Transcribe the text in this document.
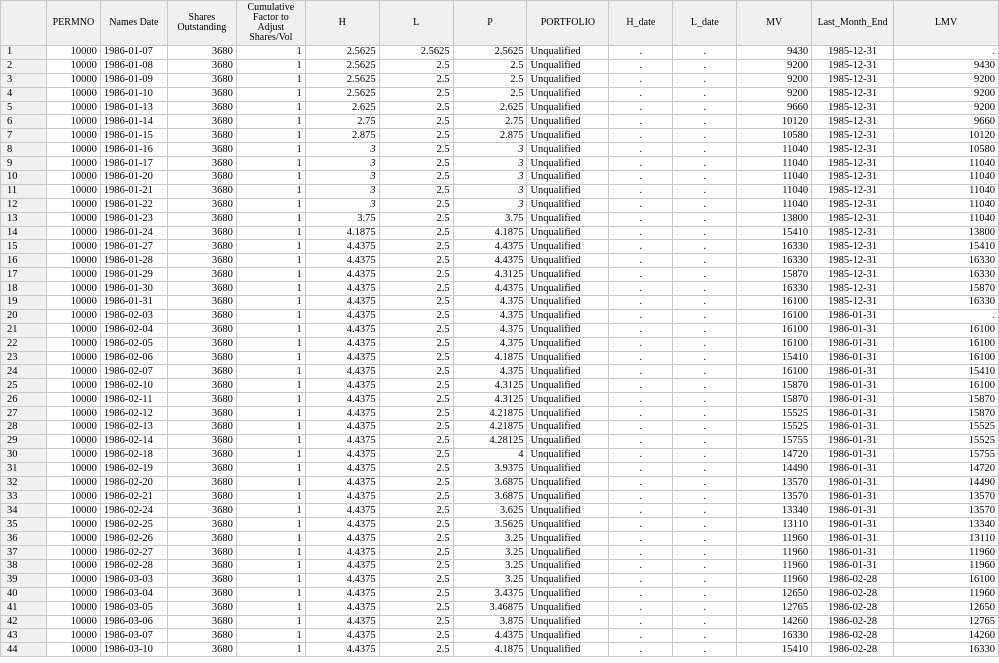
	PERMNO	Names Date	Shares Outstanding	Cumulative Factor to Adjust Shares/Vol	H	L	P	PORTFOLIO	H_date	L_date	MV	Last_Month_End	LMV
1	10000	1986-01-07	3680	1	2.5625	2.5625	2.5625	Unqualified	.	.	9430	1985-12-31	.
2	10000	1986-01-08	3680	1	2.5625	2.5	2.5	Unqualified	.	.	9200	1985-12-31	9430
3	10000	1986-01-09	3680	1	2.5625	2.5	2.5	Unqualified	.	.	9200	1985-12-31	9200
4	10000	1986-01-10	3680	1	2.5625	2.5	2.5	Unqualified	.	.	9200	1985-12-31	9200
5	10000	1986-01-13	3680	1	2.625	2.5	2.625	Unqualified	.	.	9660	1985-12-31	9200
6	10000	1986-01-14	3680	1	2.75	2.5	2.75	Unqualified	.	.	10120	1985-12-31	9660
7	10000	1986-01-15	3680	1	2.875	2.5	2.875	Unqualified	.	.	10580	1985-12-31	10120
8	10000	1986-01-16	3680	1	3	2.5	3	Unqualified	.	.	11040	1985-12-31	10580
9	10000	1986-01-17	3680	1	3	2.5	3	Unqualified	.	.	11040	1985-12-31	11040
10	10000	1986-01-20	3680	1	3	2.5	3	Unqualified	.	.	11040	1985-12-31	11040
11	10000	1986-01-21	3680	1	3	2.5	3	Unqualified	.	.	11040	1985-12-31	11040
12	10000	1986-01-22	3680	1	3	2.5	3	Unqualified	.	.	11040	1985-12-31	11040
13	10000	1986-01-23	3680	1	3.75	2.5	3.75	Unqualified	.	.	13800	1985-12-31	11040
14	10000	1986-01-24	3680	1	4.1875	2.5	4.1875	Unqualified	.	.	15410	1985-12-31	13800
15	10000	1986-01-27	3680	1	4.4375	2.5	4.4375	Unqualified	.	.	16330	1985-12-31	15410
16	10000	1986-01-28	3680	1	4.4375	2.5	4.4375	Unqualified	.	.	16330	1985-12-31	16330
17	10000	1986-01-29	3680	1	4.4375	2.5	4.3125	Unqualified	.	.	15870	1985-12-31	16330
18	10000	1986-01-30	3680	1	4.4375	2.5	4.4375	Unqualified	.	.	16330	1985-12-31	15870
19	10000	1986-01-31	3680	1	4.4375	2.5	4.375	Unqualified	.	.	16100	1985-12-31	16330
20	10000	1986-02-03	3680	1	4.4375	2.5	4.375	Unqualified	.	.	16100	1986-01-31	.
21	10000	1986-02-04	3680	1	4.4375	2.5	4.375	Unqualified	.	.	16100	1986-01-31	16100
22	10000	1986-02-05	3680	1	4.4375	2.5	4.375	Unqualified	.	.	16100	1986-01-31	16100
23	10000	1986-02-06	3680	1	4.4375	2.5	4.1875	Unqualified	.	.	15410	1986-01-31	16100
24	10000	1986-02-07	3680	1	4.4375	2.5	4.375	Unqualified	.	.	16100	1986-01-31	15410
25	10000	1986-02-10	3680	1	4.4375	2.5	4.3125	Unqualified	.	.	15870	1986-01-31	16100
26	10000	1986-02-11	3680	1	4.4375	2.5	4.3125	Unqualified	.	.	15870	1986-01-31	15870
27	10000	1986-02-12	3680	1	4.4375	2.5	4.21875	Unqualified	.	.	15525	1986-01-31	15870
28	10000	1986-02-13	3680	1	4.4375	2.5	4.21875	Unqualified	.	.	15525	1986-01-31	15525
29	10000	1986-02-14	3680	1	4.4375	2.5	4.28125	Unqualified	.	.	15755	1986-01-31	15525
30	10000	1986-02-18	3680	1	4.4375	2.5	4	Unqualified	.	.	14720	1986-01-31	15755
31	10000	1986-02-19	3680	1	4.4375	2.5	3.9375	Unqualified	.	.	14490	1986-01-31	14720
32	10000	1986-02-20	3680	1	4.4375	2.5	3.6875	Unqualified	.	.	13570	1986-01-31	14490
33	10000	1986-02-21	3680	1	4.4375	2.5	3.6875	Unqualified	.	.	13570	1986-01-31	13570
34	10000	1986-02-24	3680	1	4.4375	2.5	3.625	Unqualified	.	.	13340	1986-01-31	13570
35	10000	1986-02-25	3680	1	4.4375	2.5	3.5625	Unqualified	.	.	13110	1986-01-31	13340
36	10000	1986-02-26	3680	1	4.4375	2.5	3.25	Unqualified	.	.	11960	1986-01-31	13110
37	10000	1986-02-27	3680	1	4.4375	2.5	3.25	Unqualified	.	.	11960	1986-01-31	11960
38	10000	1986-02-28	3680	1	4.4375	2.5	3.25	Unqualified	.	.	11960	1986-01-31	11960
39	10000	1986-03-03	3680	1	4.4375	2.5	3.25	Unqualified	.	.	11960	1986-02-28	16100
40	10000	1986-03-04	3680	1	4.4375	2.5	3.4375	Unqualified	.	.	12650	1986-02-28	11960
41	10000	1986-03-05	3680	1	4.4375	2.5	3.46875	Unqualified	.	.	12765	1986-02-28	12650
42	10000	1986-03-06	3680	1	4.4375	2.5	3.875	Unqualified	.	.	14260	1986-02-28	12765
43	10000	1986-03-07	3680	1	4.4375	2.5	4.4375	Unqualified	.	.	16330	1986-02-28	14260
44	10000	1986-03-10	3680	1	4.4375	2.5	4.1875	Unqualified	.	.	15410	1986-02-28	16330
